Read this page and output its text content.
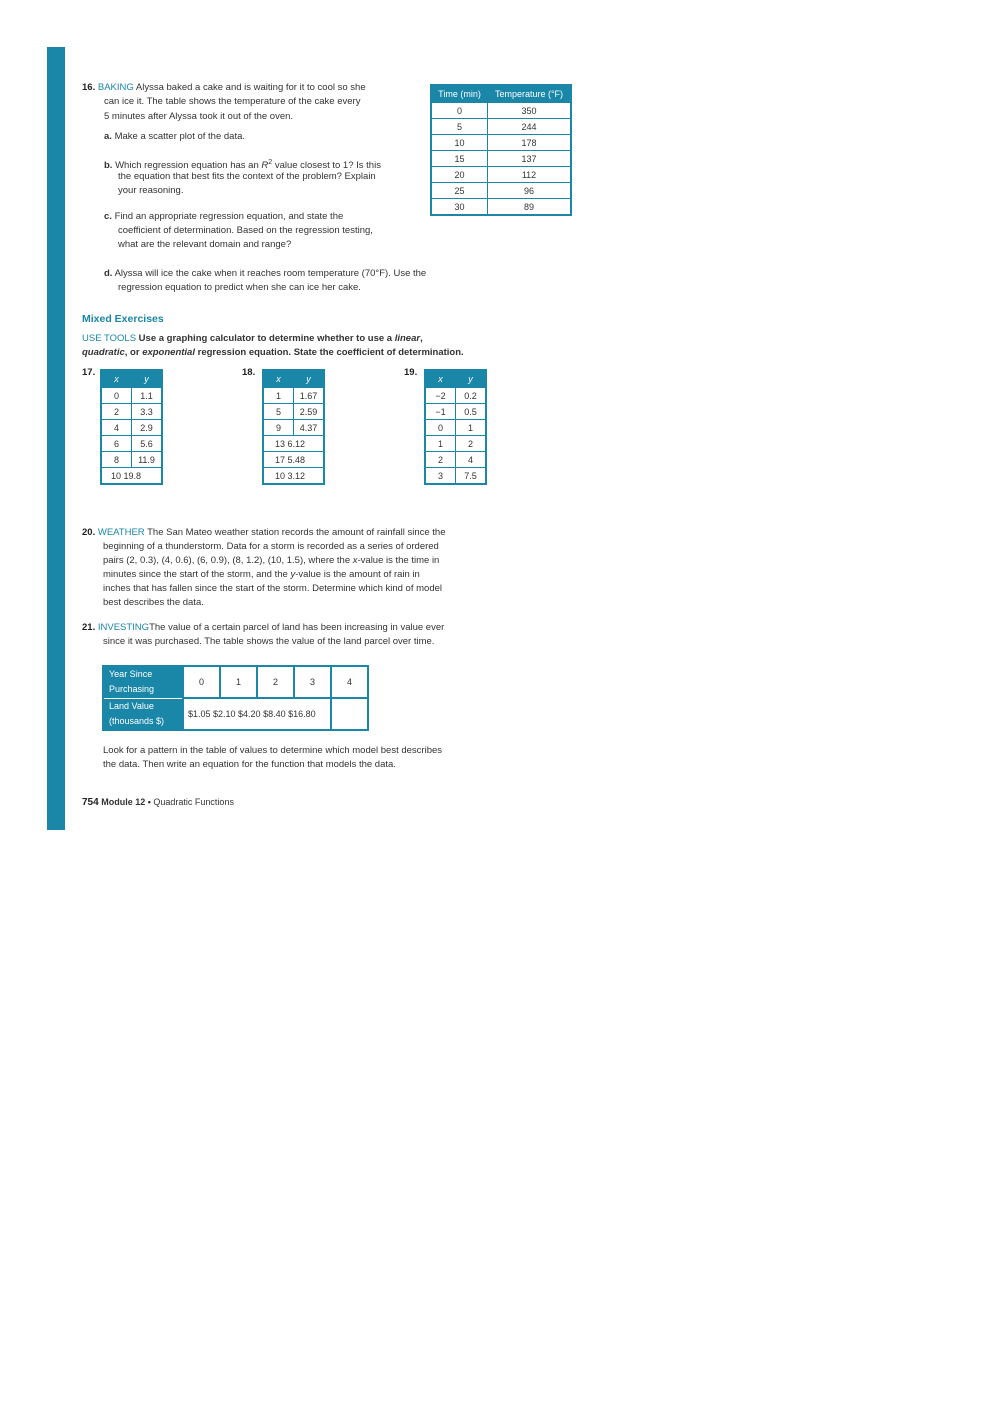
16. BAKING Alyssa baked a cake and is waiting for it to cool so she
can ice it. The table shows the temperature of the cake every
5 minutes after Alyssa took it out of the oven.
a. Make a scatter plot of the data.
b. Which regression equation has an $R^2$ value closest to 1? Is this
the equation that best fits the context of the problem? Explain
your reasoning.
c. Find an appropriate regression equation, and state the
coefficient of determination. Based on the regression testing,
what are the relevant domain and range?
d. Alyssa will ice the cake when it reaches room temperature (70°F). Use the
regression equation to predict when she can ice her cake.
Time (min)	Temperature (°F)
0	350
5	244
10	178
15	137
20	112
25	96
30	89
Mixed Exercises
USE TOOLS Use a graphing calculator to determine whether to use a linear,
quadratic, or exponential regression equation. State the coefficient of determination.
17.
x	y
0	1.1
2	3.3
4	2.9
6	5.6
8	11.9
10 19.8	
18.
x	y
1	1.67
5	2.59
9	4.37
13 6.12	
17 5.48	
10 3.12	
19.
x	y
−2	0.2
−1	0.5
0	1
1	2
2	4
3	7.5
20. WEATHER The San Mateo weather station records the amount of rainfall since the
beginning of a thunderstorm. Data for a storm is recorded as a series of ordered
pairs (2, 0.3), (4, 0.6), (6, 0.9), (8, 1.2), (10, 1.5), where the x-value is the time in
minutes since the start of the storm, and the y-value is the amount of rain in
inches that has fallen since the start of the storm. Determine which kind of model
best describes the data.
21. INVESTINGThe value of a certain parcel of land has been increasing in value ever
since it was purchased. The table shows the value of the land parcel over time.
Year Since
Purchasing	0	1	2	3	4
Land Value
(thousands $)	$1.05 $2.10 $4.20 $8.40 $16.80				
Look for a pattern in the table of values to determine which model best describes
the data. Then write an equation for the function that models the data.
754 Module 12 • Quadratic Functions
